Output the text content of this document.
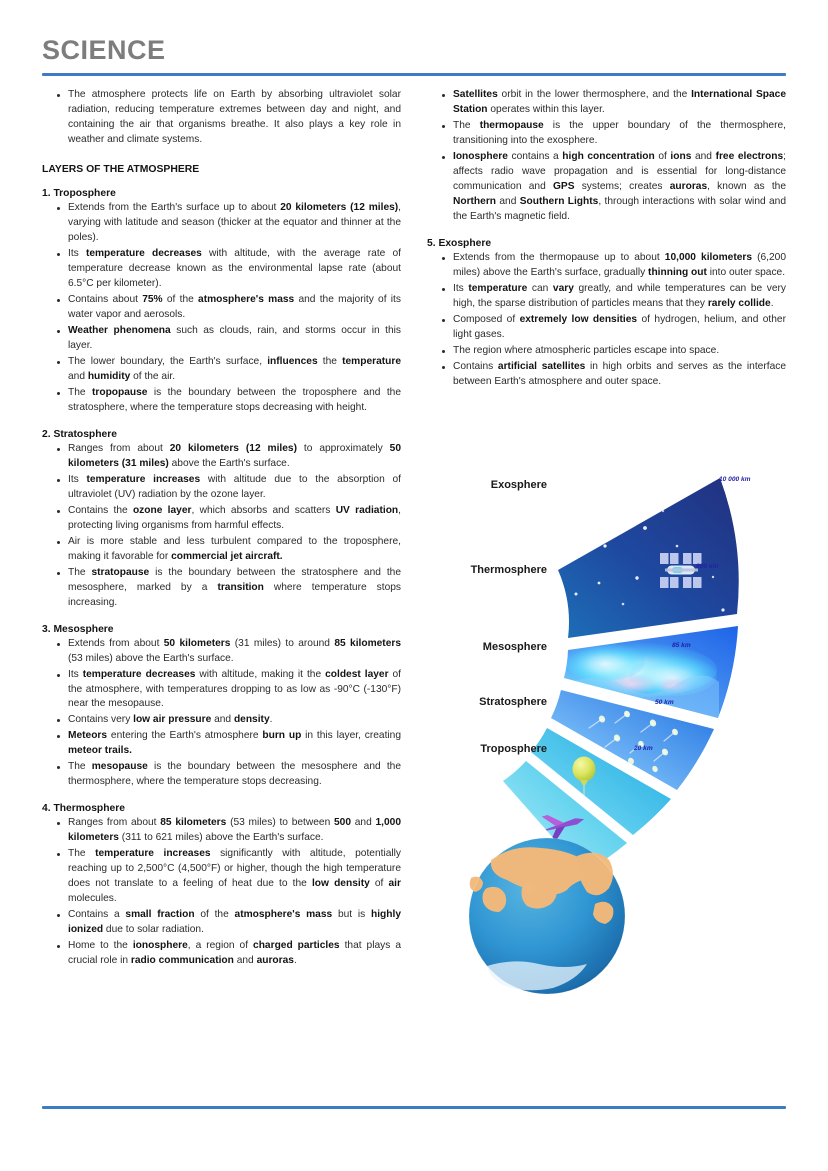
SCIENCE
The atmosphere protects life on Earth by absorbing ultraviolet solar radiation, reducing temperature extremes between day and night, and containing the air that organisms breathe. It also plays a key role in weather and climate systems.
LAYERS OF THE ATMOSPHERE
1. Troposphere
Extends from the Earth's surface up to about 20 kilometers (12 miles), varying with latitude and season (thicker at the equator and thinner at the poles).
Its temperature decreases with altitude, with the average rate of temperature decrease known as the environmental lapse rate (about 6.5°C per kilometer).
Contains about 75% of the atmosphere's mass and the majority of its water vapor and aerosols.
Weather phenomena such as clouds, rain, and storms occur in this layer.
The lower boundary, the Earth's surface, influences the temperature and humidity of the air.
The tropopause is the boundary between the troposphere and the stratosphere, where the temperature stops decreasing with height.
2. Stratosphere
Ranges from about 20 kilometers (12 miles) to approximately 50 kilometers (31 miles) above the Earth's surface.
Its temperature increases with altitude due to the absorption of ultraviolet (UV) radiation by the ozone layer.
Contains the ozone layer, which absorbs and scatters UV radiation, protecting living organisms from harmful effects.
Air is more stable and less turbulent compared to the troposphere, making it favorable for commercial jet aircraft.
The stratopause is the boundary between the stratosphere and the mesosphere, marked by a transition where temperature stops increasing.
3. Mesosphere
Extends from about 50 kilometers (31 miles) to around 85 kilometers (53 miles) above the Earth's surface.
Its temperature decreases with altitude, making it the coldest layer of the atmosphere, with temperatures dropping to as low as -90°C (-130°F) near the mesopause.
Contains very low air pressure and density.
Meteors entering the Earth's atmosphere burn up in this layer, creating meteor trails.
The mesopause is the boundary between the mesosphere and the thermosphere, where the temperature stops decreasing.
4. Thermosphere
Ranges from about 85 kilometers (53 miles) to between 500 and 1,000 kilometers (311 to 621 miles) above the Earth's surface.
The temperature increases significantly with altitude, potentially reaching up to 2,500°C (4,500°F) or higher, though the high temperature does not translate to a feeling of heat due to the low density of air molecules.
Contains a small fraction of the atmosphere's mass but is highly ionized due to solar radiation.
Home to the ionosphere, a region of charged particles that plays a crucial role in radio communication and auroras.
Satellites orbit in the lower thermosphere, and the International Space Station operates within this layer.
The thermopause is the upper boundary of the thermosphere, transitioning into the exosphere.
Ionosphere contains a high concentration of ions and free electrons; affects radio wave propagation and is essential for long-distance communication and GPS systems; creates auroras, known as the Northern and Southern Lights, through interactions with solar wind and the Earth's magnetic field.
5. Exosphere
Extends from the thermopause up to about 10,000 kilometers (6,200 miles) above the Earth's surface, gradually thinning out into outer space.
Its temperature can vary greatly, and while temperatures can be very high, the sparse distribution of particles means that they rarely collide.
Composed of extremely low densities of hydrogen, helium, and other light gases.
The region where atmospheric particles escape into space.
Contains artificial satellites in high orbits and serves as the interface between Earth's atmosphere and outer space.
Exosphere
Thermosphere
Mesosphere
Stratosphere
Troposphere
10 000 km
690 km
85 km
50 km
20 km
